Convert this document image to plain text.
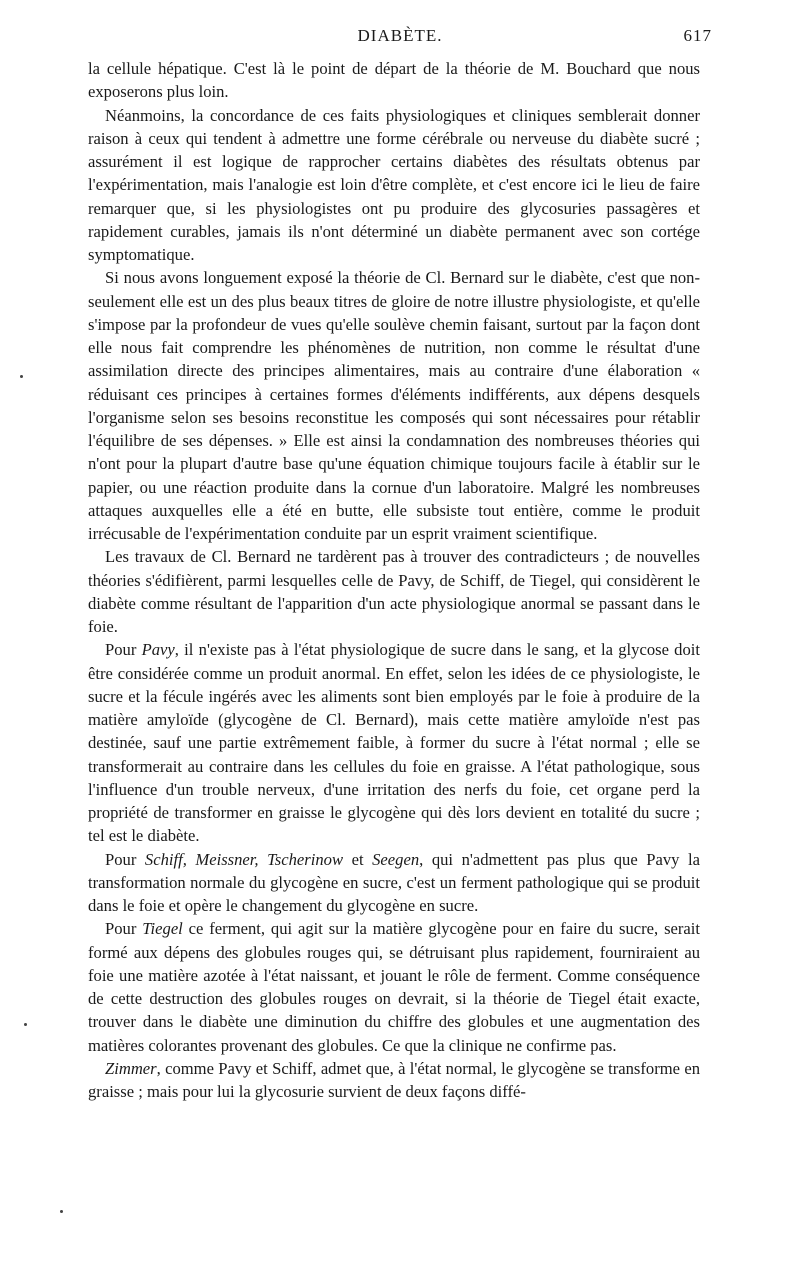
DIABÈTE.	617

la cellule hépatique. C'est là le point de départ de la théorie de M. Bouchard que nous exposerons plus loin.

Néanmoins, la concordance de ces faits physiologiques et cliniques semblerait donner raison à ceux qui tendent à admettre une forme cérébrale ou nerveuse du diabète sucré ; assurément il est logique de rapprocher certains diabètes des résultats obtenus par l'expérimentation, mais l'analogie est loin d'être complète, et c'est encore ici le lieu de faire remarquer que, si les physiologistes ont pu produire des glycosuries passagères et rapidement curables, jamais ils n'ont déterminé un diabète permanent avec son cortége symptomatique.

Si nous avons longuement exposé la théorie de Cl. Bernard sur le diabète, c'est que non-seulement elle est un des plus beaux titres de gloire de notre illustre physiologiste, et qu'elle s'impose par la profondeur de vues qu'elle soulève chemin faisant, surtout par la façon dont elle nous fait comprendre les phénomènes de nutrition, non comme le résultat d'une assimilation directe des principes alimentaires, mais au contraire d'une élaboration « réduisant ces principes à certaines formes d'éléments indifférents, aux dépens desquels l'organisme selon ses besoins reconstitue les composés qui sont nécessaires pour rétablir l'équilibre de ses dépenses. » Elle est ainsi la condamnation des nombreuses théories qui n'ont pour la plupart d'autre base qu'une équation chimique toujours facile à établir sur le papier, ou une réaction produite dans la cornue d'un laboratoire. Malgré les nombreuses attaques auxquelles elle a été en butte, elle subsiste tout entière, comme le produit irrécusable de l'expérimentation conduite par un esprit vraiment scientifique.

Les travaux de Cl. Bernard ne tardèrent pas à trouver des contradicteurs ; de nouvelles théories s'édifièrent, parmi lesquelles celle de Pavy, de Schiff, de Tiegel, qui considèrent le diabète comme résultant de l'apparition d'un acte physiologique anormal se passant dans le foie.

Pour Pavy, il n'existe pas à l'état physiologique de sucre dans le sang, et la glycose doit être considérée comme un produit anormal. En effet, selon les idées de ce physiologiste, le sucre et la fécule ingérés avec les aliments sont bien employés par le foie à produire de la matière amyloïde (glycogène de Cl. Bernard), mais cette matière amyloïde n'est pas destinée, sauf une partie extrêmement faible, à former du sucre à l'état normal ; elle se transformerait au contraire dans les cellules du foie en graisse. A l'état pathologique, sous l'influence d'un trouble nerveux, d'une irritation des nerfs du foie, cet organe perd la propriété de transformer en graisse le glycogène qui dès lors devient en totalité du sucre ; tel est le diabète.

Pour Schiff, Meissner, Tscherinow et Seegen, qui n'admettent pas plus que Pavy la transformation normale du glycogène en sucre, c'est un ferment pathologique qui se produit dans le foie et opère le changement du glycogène en sucre.

Pour Tiegel ce ferment, qui agit sur la matière glycogène pour en faire du sucre, serait formé aux dépens des globules rouges qui, se détruisant plus rapidement, fourniraient au foie une matière azotée à l'état naissant, et jouant le rôle de ferment. Comme conséquence de cette destruction des globules rouges on devrait, si la théorie de Tiegel était exacte, trouver dans le diabète une diminution du chiffre des globules et une augmentation des matières colorantes provenant des globules. Ce que la clinique ne confirme pas.

Zimmer, comme Pavy et Schiff, admet que, à l'état normal, le glycogène se transforme en graisse ; mais pour lui la glycosurie survient de deux façons diffé-
